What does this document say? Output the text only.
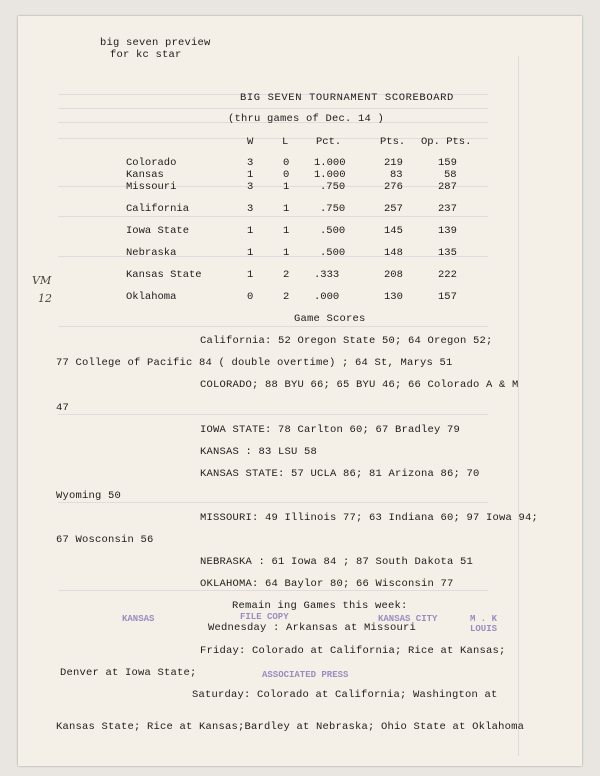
big seven preview
for kc star
BIG SEVEN TOURNAMENT SCOREBOARD
(thru games of Dec. 14 )
W	L	Pct.	Pts. Op. Pts.
Colorado	3	0 1.000	219	159
Kansas	1	0 1.000	83	58
Missouri	3	1	.750	276	287
California	3	1	.750	257	237
Iowa State	1	1	.500	145	139
Nebraska	1	1	.500	148	135
Kansas State	1	2 .333	208	222
Oklahoma	0	2 .000	130	157
VM
12
Game Scores
California: 52 Oregon State 50; 64 Oregon 52;
77 College of Pacific 84 ( double overtime) ; 64 St, Marys 51
COLORADO; 88 BYU 66; 65 BYU 46; 66 Colorado A & M
47
IOWA STATE: 78 Carlton 60; 67 Bradley 79
KANSAS : 83 LSU 58
KANSAS STATE: 57 UCLA 86; 81 Arizona 86; 70
Wyoming 50
MISSOURI: 49 Illinois 77; 63 Indiana 60; 97 Iowa 94;
67 Wosconsin 56
NEBRASKA : 61 Iowa 84 ; 87 South Dakota 51
OKLAHOMA: 64 Baylor 80; 66 Wisconsin 77
KANSAS	FILE COPY	KANSAS CITY	M . K
LOUIS
ASSOCIATED PRESS
Remain ing Games this week:
Wednesday : Arkansas at Missouri
Friday: Colorado at California; Rice at Kansas;
Denver at Iowa State;
Saturday: Colorado at California; Washington at
Kansas State; Rice at Kansas;Bardley at Nebraska; Ohio State at Oklahoma
